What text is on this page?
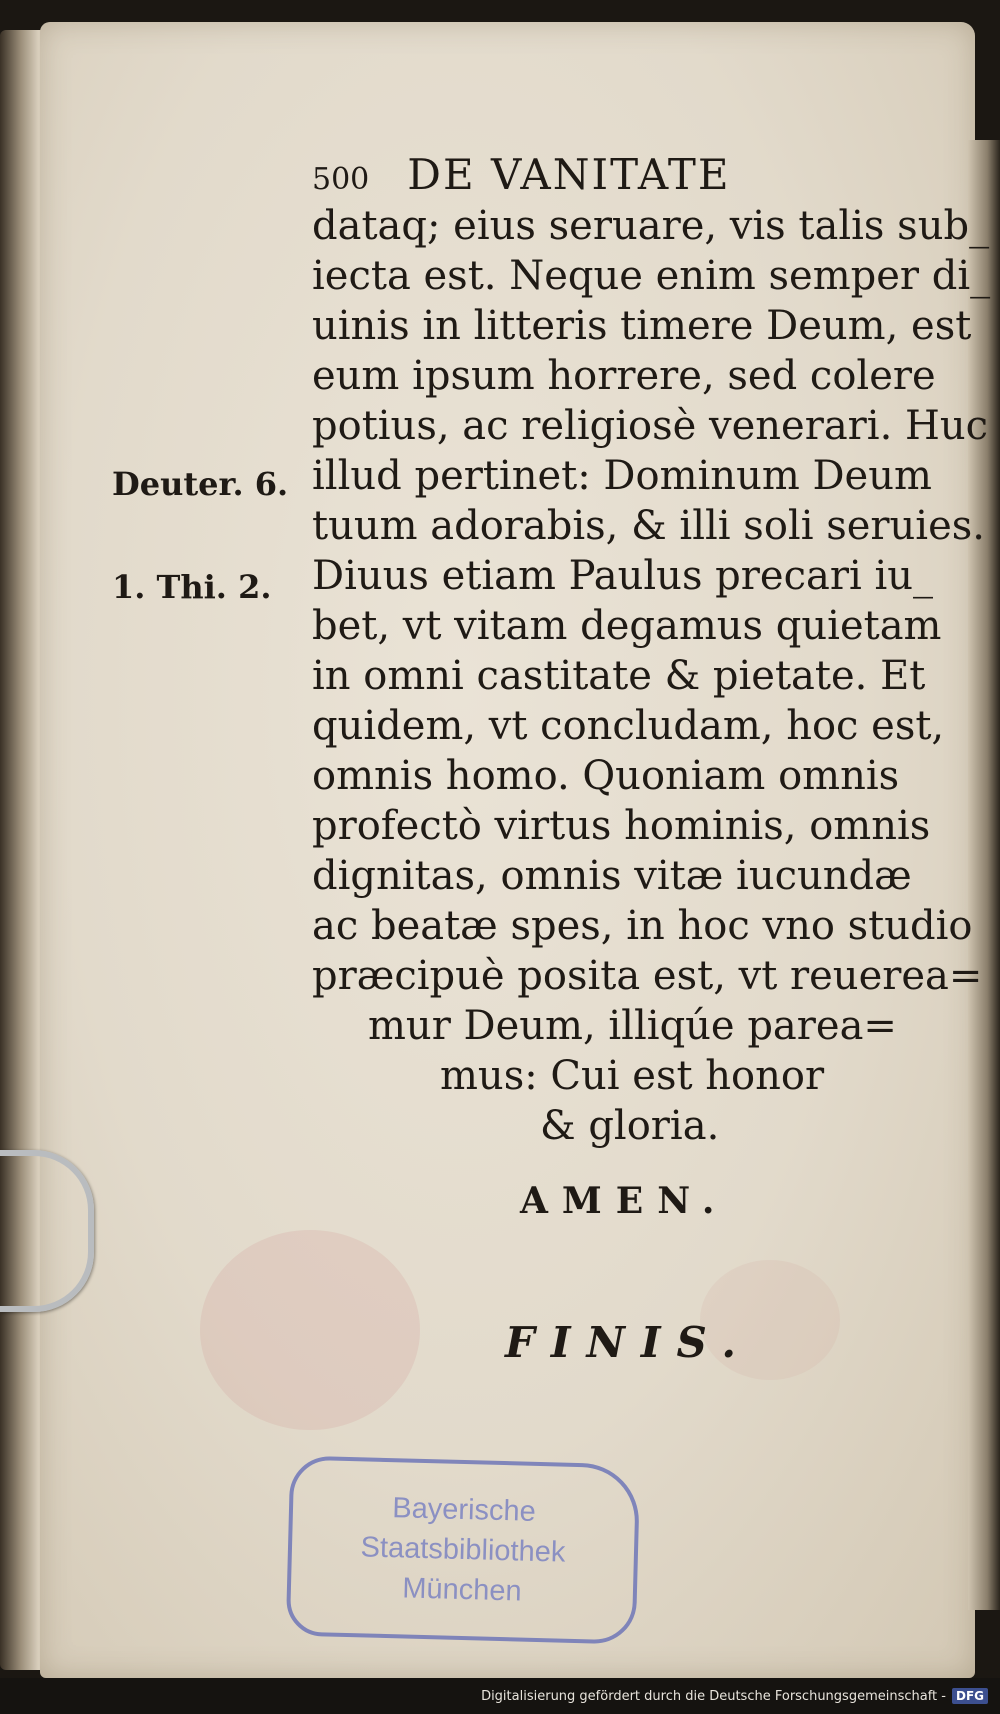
500 DE VANITATE
dataq; eius seruare, vis talis sub_
iecta est. Neque enim semper di_
uinis in litteris timere Deum, est
eum ipsum horrere, sed colere
potius, ac religiosè venerari. Huc
illud pertinet: Dominum Deum
tuum adorabis, & illi soli seruies.
Diuus etiam Paulus precari iu_
bet, vt vitam degamus quietam
in omni castitate & pietate. Et
quidem, vt concludam, hoc est,
omnis homo. Quoniam omnis
profectò virtus hominis, omnis
dignitas, omnis vitæ iucundæ
ac beatæ spes, in hoc vno studio
præcipuè posita est, vt reuerea=
mur Deum, illiqúe parea=
mus: Cui est honor
& gloria.
Deuter. 6.
1. Thi. 2.
AMEN.
FINIS.
Bayerische
Staatsbibliothek
München
Digitalisierung gefördert durch die Deutsche Forschungsgemeinschaft - DFG
